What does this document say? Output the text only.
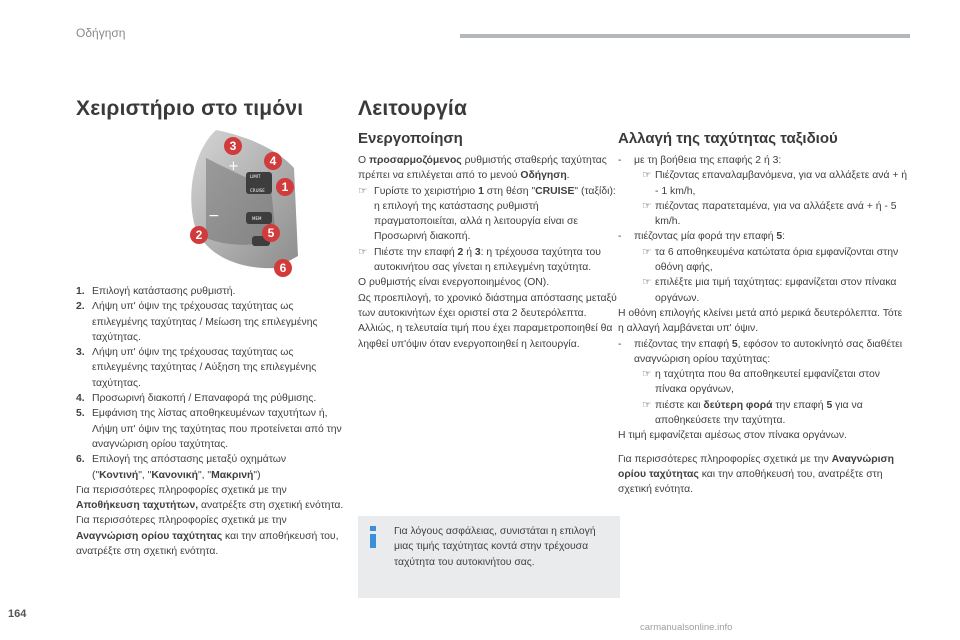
Οδήγηση
Χειριστήριο στο τιμόνι
+
−
LIMIT
CRUISE
MEM
3
4
1
2	5
6
1. Επιλογή κατάστασης ρυθμιστή.
2. Λήψη υπ' όψιν της τρέχουσας ταχύτητας ως επιλεγμένης ταχύτητας / Μείωση της επιλεγμένης ταχύτητας.
3. Λήψη υπ' όψιν της τρέχουσας ταχύτητας ως επιλεγμένης ταχύτητας / Αύξηση της επιλεγμένης ταχύτητας.
4. Προσωρινή διακοπή / Επαναφορά της ρύθμισης.
5. Εμφάνιση της λίστας αποθηκευμένων ταχυτήτων ή,
Λήψη υπ' όψιν της ταχύτητας που προτείνεται από την αναγνώριση ορίου ταχύτητας.
6. Επιλογή της απόστασης μεταξύ οχημάτων
("Κοντινή", "Κανονική", "Μακρινή")
Για περισσότερες πληροφορίες σχετικά με την Αποθήκευση ταχυτήτων, ανατρέξτε στη σχετική ενότητα.
Για περισσότερες πληροφορίες σχετικά με την Αναγνώριση ορίου ταχύτητας και την αποθήκευσή του, ανατρέξτε στη σχετική ενότητα.
Λειτουργία
Ενεργοποίηση
Ο προσαρμοζόμενος ρυθμιστής σταθερής ταχύτητας πρέπει να επιλέγεται από το μενού Οδήγηση.
☞ Γυρίστε το χειριστήριο 1 στη θέση "CRUISE" (ταξίδι): η επιλογή της κατάστασης ρυθμιστή πραγματοποιείται, αλλά η λειτουργία είναι σε Προσωρινή διακοπή.
☞ Πιέστε την επαφή 2 ή 3: η τρέχουσα ταχύτητα του αυτοκινήτου σας γίνεται η επιλεγμένη ταχύτητα.
Ο ρυθμιστής είναι ενεργοποιημένος (ON).
Ως προεπιλογή, το χρονικό διάστημα απόστασης μεταξύ των αυτοκινήτων έχει οριστεί στα 2 δευτερόλεπτα.
Αλλιώς, η τελευταία τιμή που έχει παραμετροποιηθεί θα ληφθεί υπ'όψιν όταν ενεργοποιηθεί η λειτουργία.
Για λόγους ασφάλειας, συνιστάται η επιλογή μιας τιμής ταχύτητας κοντά στην τρέχουσα ταχύτητα του αυτοκινήτου σας.
Αλλαγή της ταχύτητας ταξιδιού
- με τη βοήθεια της επαφής 2 ή 3:
☞ Πιέζοντας επαναλαμβανόμενα, για να αλλάξετε ανά + ή - 1 km/h,
☞ πιέζοντας παρατεταμένα, για να αλλάξετε ανά + ή - 5 km/h.
- πιέζοντας μία φορά την επαφή 5:
☞ τα 6 αποθηκευμένα κατώτατα όρια εμφανίζονται στην οθόνη αφής,
☞ επιλέξτε μια τιμή ταχύτητας: εμφανίζεται στον πίνακα οργάνων.
Η οθόνη επιλογής κλείνει μετά από μερικά δευτερόλεπτα. Τότε η αλλαγή λαμβάνεται υπ' όψιν.
- πιέζοντας την επαφή 5, εφόσον το αυτοκίνητό σας διαθέτει αναγνώριση ορίου ταχύτητας:
☞ η ταχύτητα που θα αποθηκευτεί εμφανίζεται στον πίνακα οργάνων,
☞ πιέστε και δεύτερη φορά την επαφή 5 για να αποθηκεύσετε την ταχύτητα.
Η τιμή εμφανίζεται αμέσως στον πίνακα οργάνων.
Για περισσότερες πληροφορίες σχετικά με την Αναγνώριση ορίου ταχύτητας και την αποθήκευσή του, ανατρέξτε στη σχετική ενότητα.
164
carmanualsonline.info
